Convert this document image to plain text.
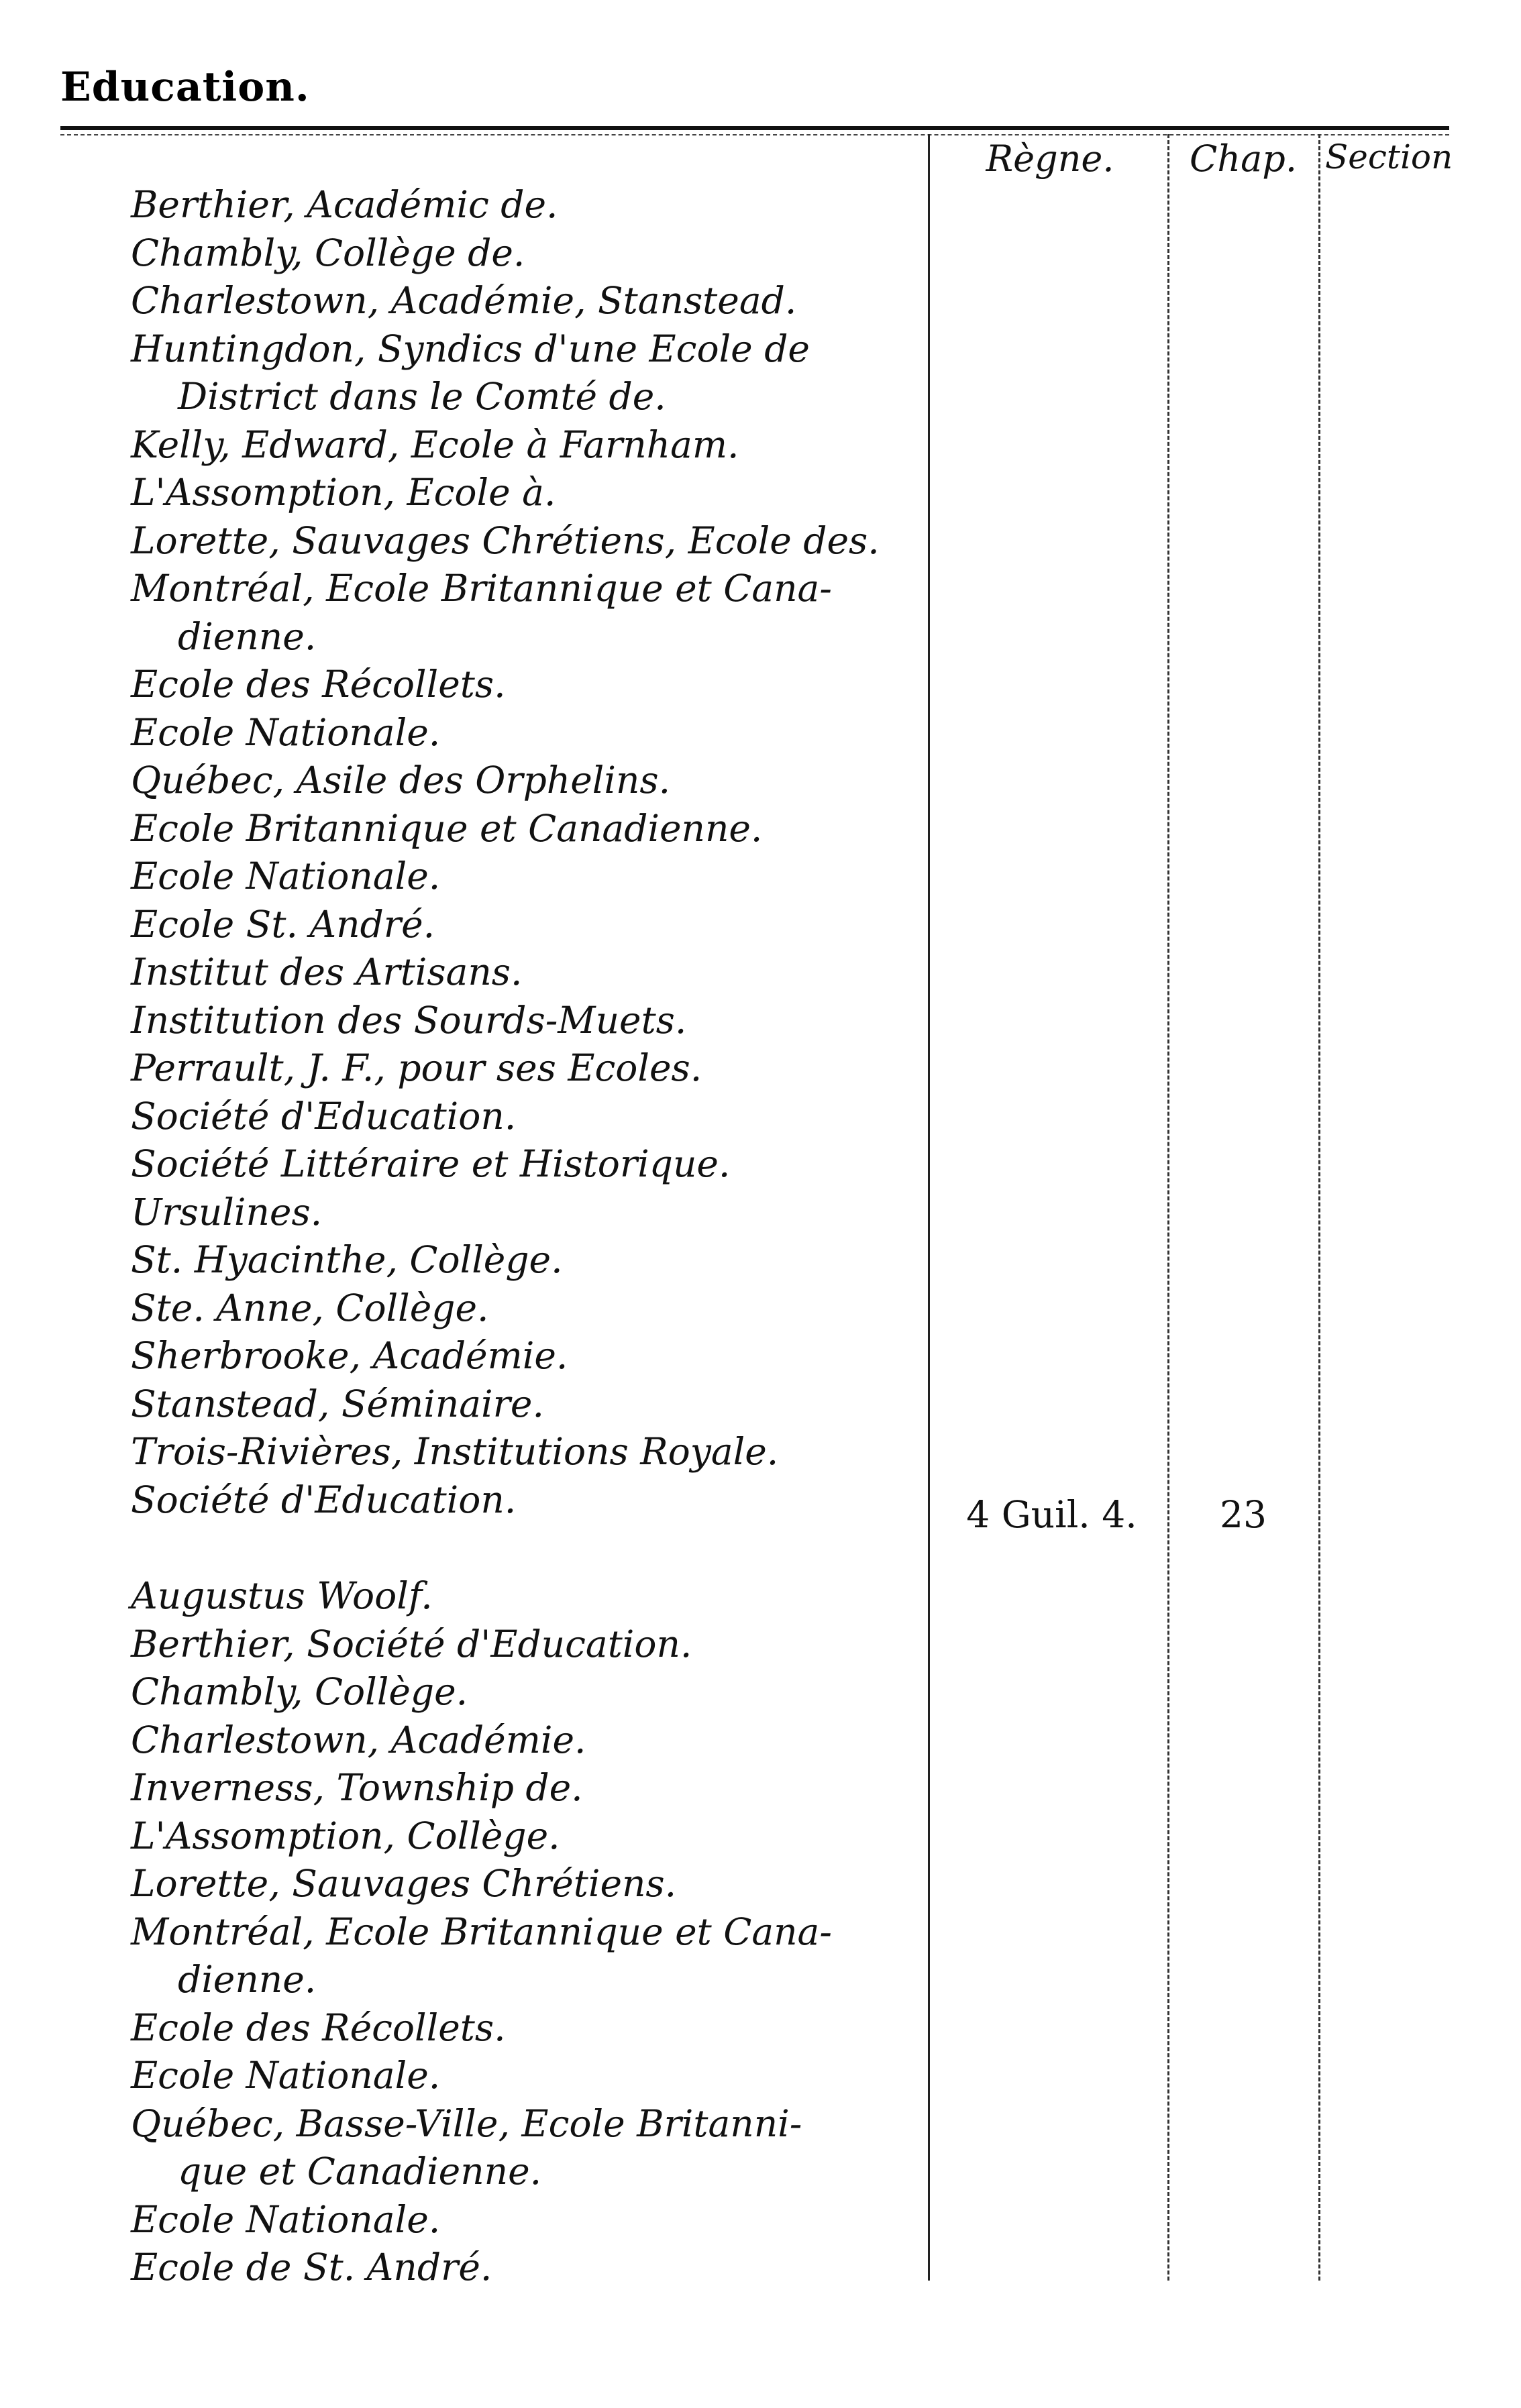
Education.
Règne.	Chap. Section
Berthier, Académic de.
Chambly, Collège de.
Charlestown, Académie, Stanstead.
Huntingdon, Syndics d'une Ecole de
District dans le Comté de.
Kelly, Edward, Ecole à Farnham.
L'Assomption, Ecole à.
Lorette, Sauvages Chrétiens, Ecole des.
Montréal, Ecole Britannique et Cana-
dienne.
Ecole des Récollets.
Ecole Nationale.
Québec, Asile des Orphelins.
Ecole Britannique et Canadienne.
Ecole Nationale.
Ecole St. André.
Institut des Artisans.
Institution des Sourds-Muets.
Perrault, J. F., pour ses Ecoles.
Société d'Education.
Société Littéraire et Historique.
Ursulines.
St. Hyacinthe, Collège.
Ste. Anne, Collège.
Sherbrooke, Académie.
Stanstead, Séminaire.
Trois-Rivières, Institutions Royale.
Société d'Education.
Augustus Woolf.
Berthier, Société d'Education.
Chambly, Collège.
Charlestown, Académie.
Inverness, Township de.
L'Assomption, Collège.
Lorette, Sauvages Chrétiens.
Montréal, Ecole Britannique et Cana-
dienne.
Ecole des Récollets.
Ecole Nationale.
Québec, Basse-Ville, Ecole Britanni-
que et Canadienne.
Ecole Nationale.
Ecole de St. André.
4 Guil. 4.	23
